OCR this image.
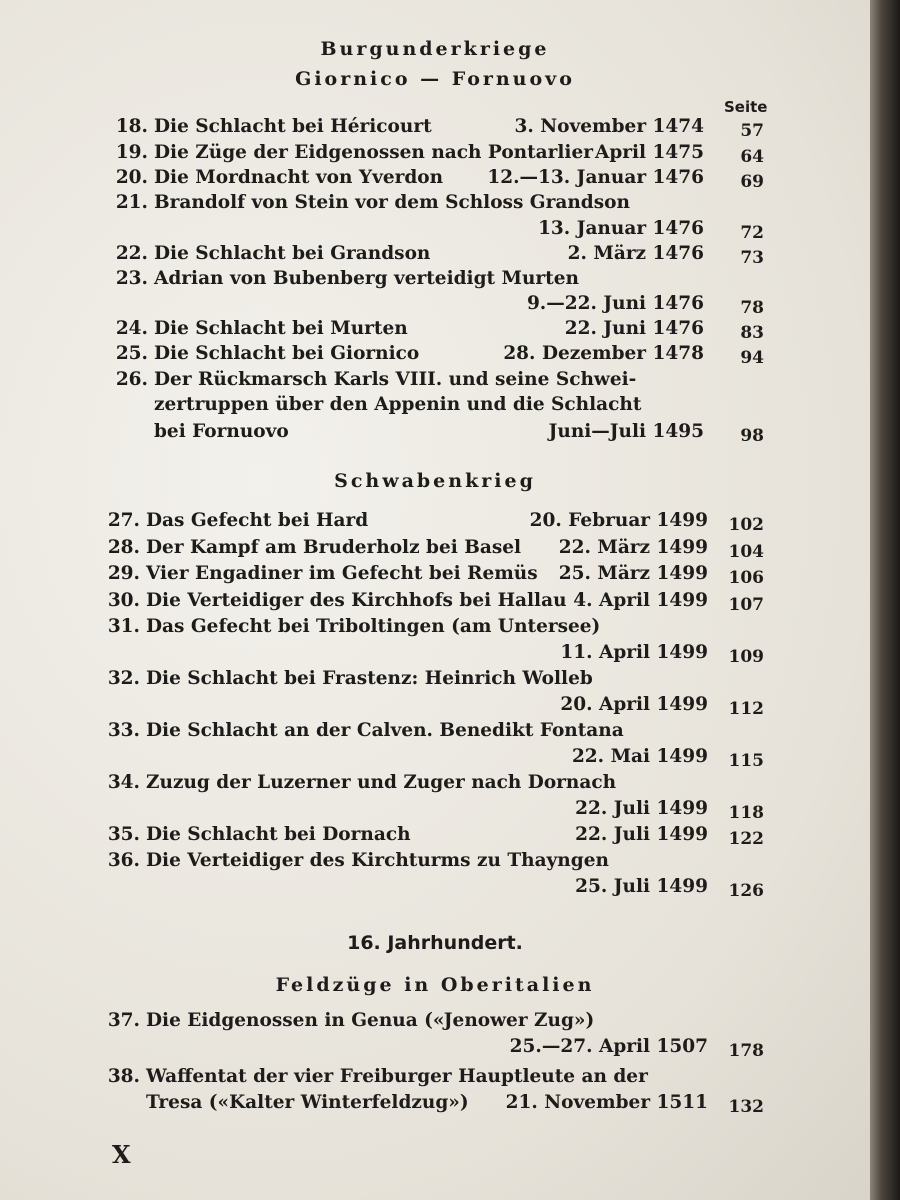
Burgunderkriege
Giornico — Fornuovo
Seite
Schwabenkrieg
16. Jahrhundert.
Feldzüge in Oberitalien
18. Die Schlacht bei Héricourt	3. November 1474	57
19. Die Züge der Eidgenossen nach Pontarlier April 1475	64
20. Die Mordnacht von Yverdon 12.—13. Januar 1476	69
21. Brandolf von Stein vor dem Schloss Grandson
13. Januar 1476	72
22. Die Schlacht bei Grandson	2. März 1476	73
23. Adrian von Bubenberg verteidigt Murten
9.—22. Juni 1476	78
24. Die Schlacht bei Murten	22. Juni 1476	83
25. Die Schlacht bei Giornico	28. Dezember 1478	94
26. Der Rückmarsch Karls VIII. und seine Schwei-
zertruppen über den Appenin und die Schlacht
bei Fornuovo	Juni—Juli 1495	98
27. Das Gefecht bei Hard	20. Februar 1499 102
28. Der Kampf am Bruderholz bei Basel 22. März 1499 104
29. Vier Engadiner im Gefecht bei Remüs 25. März 1499 106
30. Die Verteidiger des Kirchhofs bei Hallau 4. April 1499 107
31. Das Gefecht bei Triboltingen (am Untersee)
11. April 1499 109
32. Die Schlacht bei Frastenz: Heinrich Wolleb
20. April 1499 112
33. Die Schlacht an der Calven. Benedikt Fontana
22. Mai 1499 115
34. Zuzug der Luzerner und Zuger nach Dornach
22. Juli 1499 118
35. Die Schlacht bei Dornach	22. Juli 1499 122
36. Die Verteidiger des Kirchturms zu Thayngen
25. Juli 1499 126
37. Die Eidgenossen in Genua («Jenower Zug»)
25.—27. April 1507 178
38. Waffentat der vier Freiburger Hauptleute an der
Tresa («Kalter Winterfeldzug») 21. November 1511 132
X
